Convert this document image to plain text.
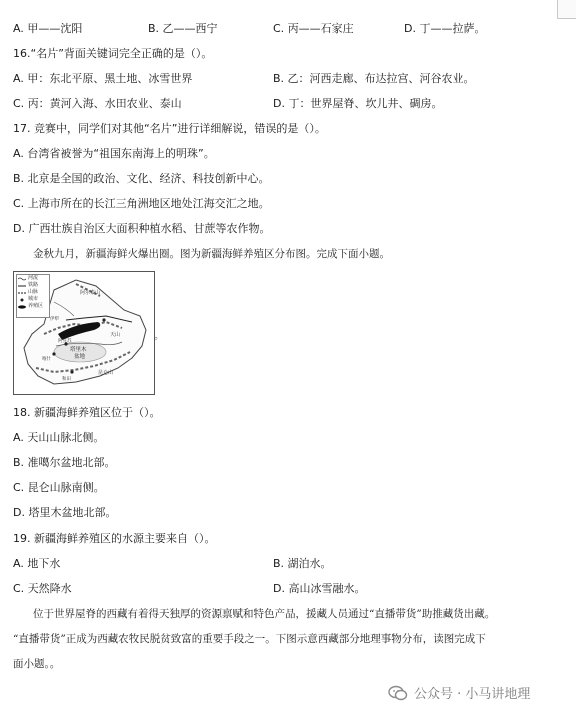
A. 甲——沈阳	B. 乙——西宁	C. 丙——石家庄	D. 丁——拉萨。
16.“名片”背面关键词完全正确的是（）。
A. 甲：东北平原、黑土地、冰雪世界	B. 乙：河西走廊、布达拉宫、河谷农业。
C. 丙：黄河入海、水田农业、泰山	D. 丁：世界屋脊、坎儿井、碉房。
17. 竞赛中，同学们对其他“名片”进行详细解说，错误的是（）。
A. 台湾省被誉为“祖国东南海上的明珠”。
B. 北京是全国的政治、文化、经济、科技创新中心。
C. 上海市所在的长江三角洲地区地处江海交汇之地。
D. 广西壮族自治区大面积种植水稻、甘蔗等农作物。
金秋九月，新疆海鲜火爆出圈。图为新疆海鲜养殖区分布图。完成下面小题。
阿尔泰山
天山
塔里木
盆地
昆仑山
阿克苏
喀什
伊犁
和田
河流
铁路
山脉
城市
养殖区
。
18. 新疆海鲜养殖区位于（）。
A. 天山山脉北侧。
B. 准噶尔盆地北部。
C. 昆仑山脉南侧。
D. 塔里木盆地北部。
19. 新疆海鲜养殖区的水源主要来自（）。
A. 地下水	B. 湖泊水。
C. 天然降水	D. 高山冰雪融水。
位于世界屋脊的西藏有着得天独厚的资源禀赋和特色产品，援藏人员通过“直播带货”助推藏货出藏。
“直播带货”正成为西藏农牧民脱贫致富的重要手段之一。下图示意西藏部分地理事物分布，读图完成下
面小题。。
公众号 · 小马讲地理
